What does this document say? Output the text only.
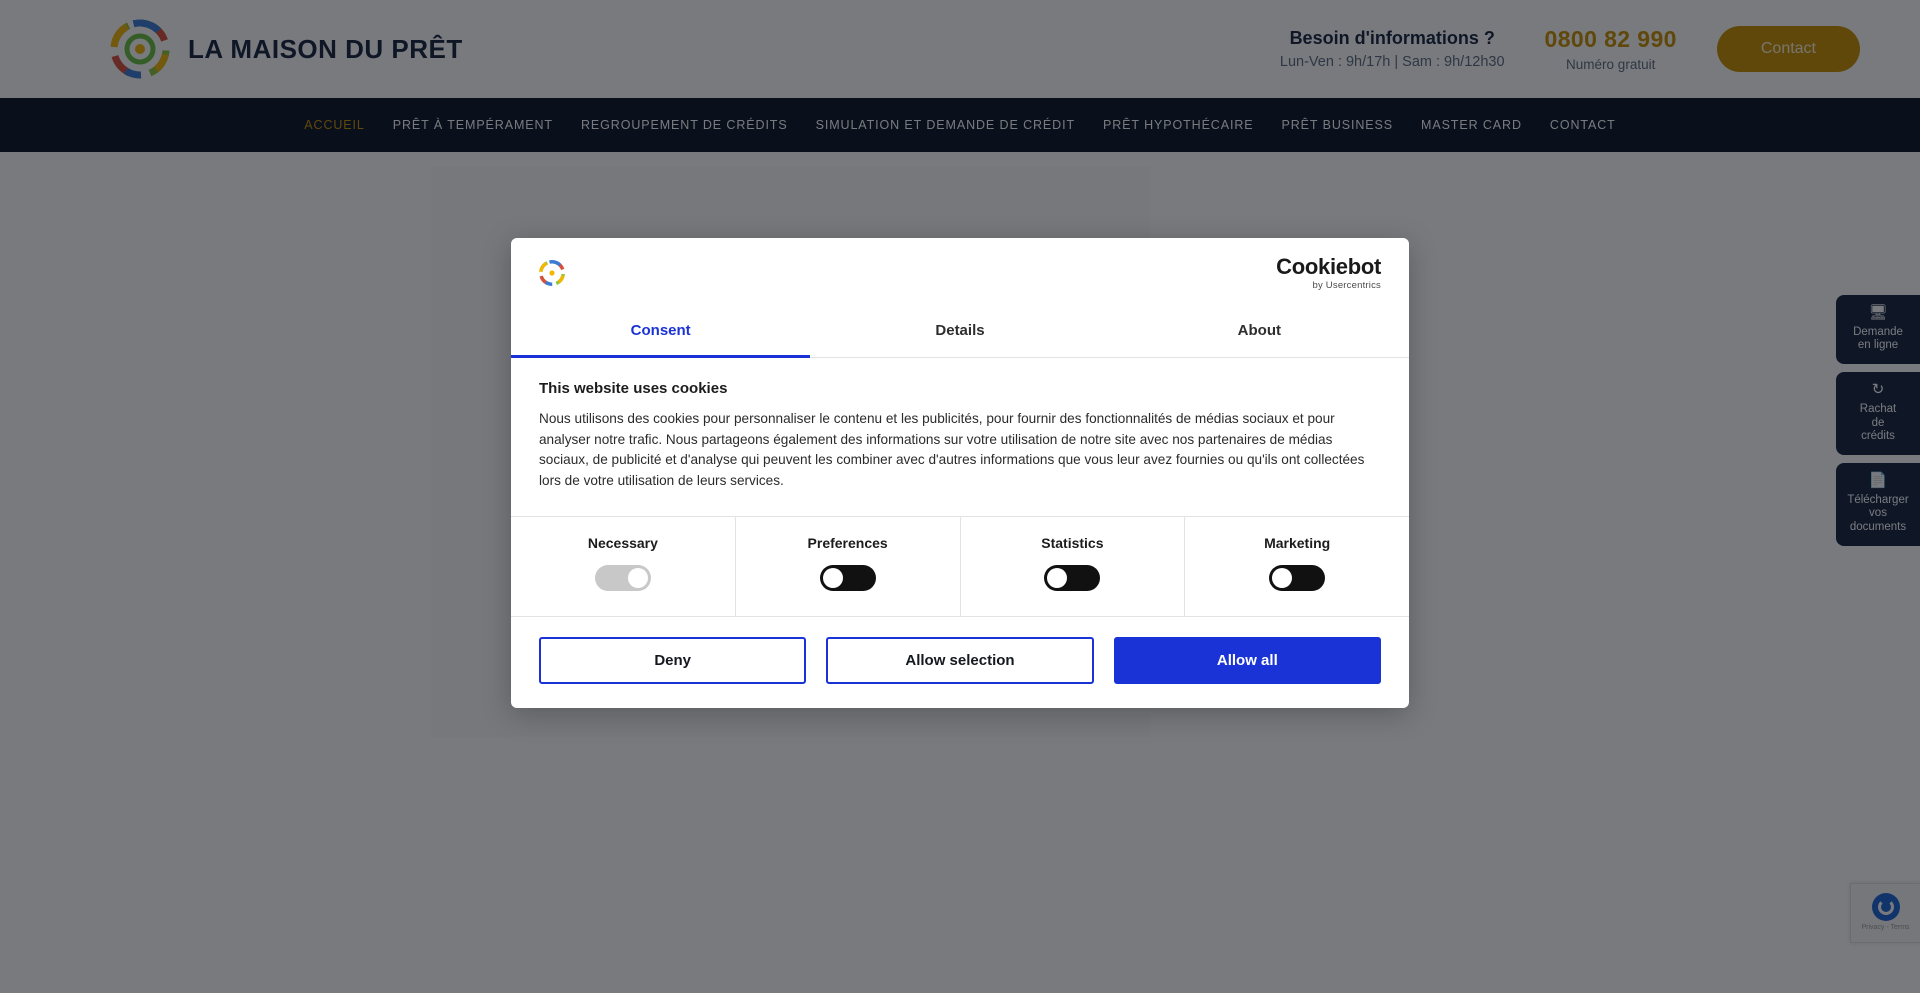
Cookiebot
by Usercentrics
Consent	Details	About
This website uses cookies

Nous utilisons des cookies pour personnaliser le contenu et les publicités, pour fournir des fonctionnalités de médias sociaux et pour analyser notre trafic. Nous partageons également des informations sur votre utilisation de notre site avec nos partenaires de médias sociaux, de publicité et d'analyse qui peuvent les combiner avec d'autres informations que vous leur avez fournies ou qu'ils ont collectées lors de votre utilisation de leurs services.

Necessary	Preferences	Statistics	Marketing
Deny	Allow selection	Allow all
